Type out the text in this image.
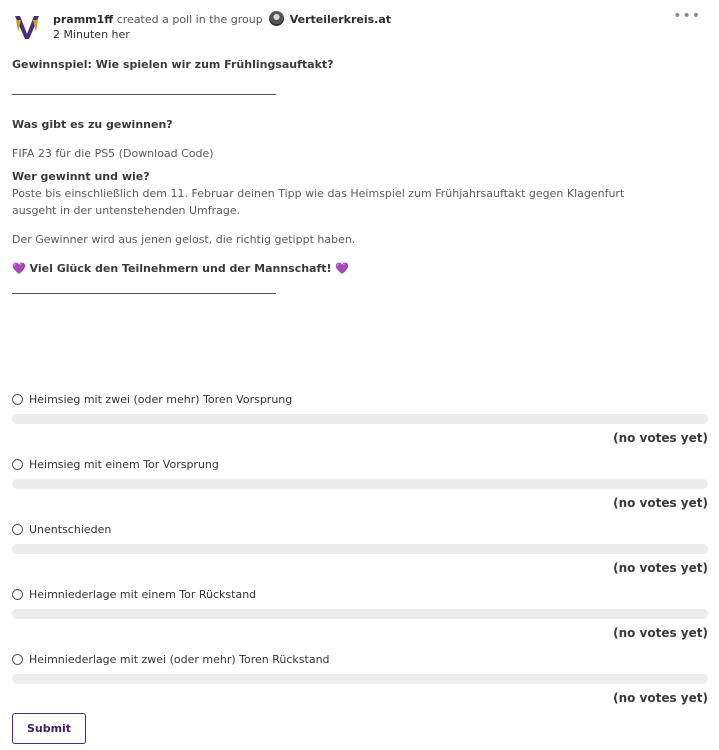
pramm1ff created a poll in the group Verteilerkreis.at
2 Minuten her
•••
Gewinnspiel: Wie spielen wir zum Frühlingsauftakt?
Was gibt es zu gewinnen?
FIFA 23 für die PS5 (Download Code)
Wer gewinnt und wie?
Poste bis einschließlich dem 11. Februar deinen Tipp wie das Heimspiel zum Frühjahrsauftakt gegen Klagenfurt ausgeht in der untenstehenden Umfrage.
Der Gewinner wird aus jenen gelost, die richtig getippt haben.
💜 Viel Glück den Teilnehmern und der Mannschaft! 💜
Heimsieg mit zwei (oder mehr) Toren Vorsprung
(no votes yet)
Heimsieg mit einem Tor Vorsprung
(no votes yet)
Unentschieden
(no votes yet)
Heimniederlage mit einem Tor Rückstand
(no votes yet)
Heimniederlage mit zwei (oder mehr) Toren Rückstand
(no votes yet)
Submit
